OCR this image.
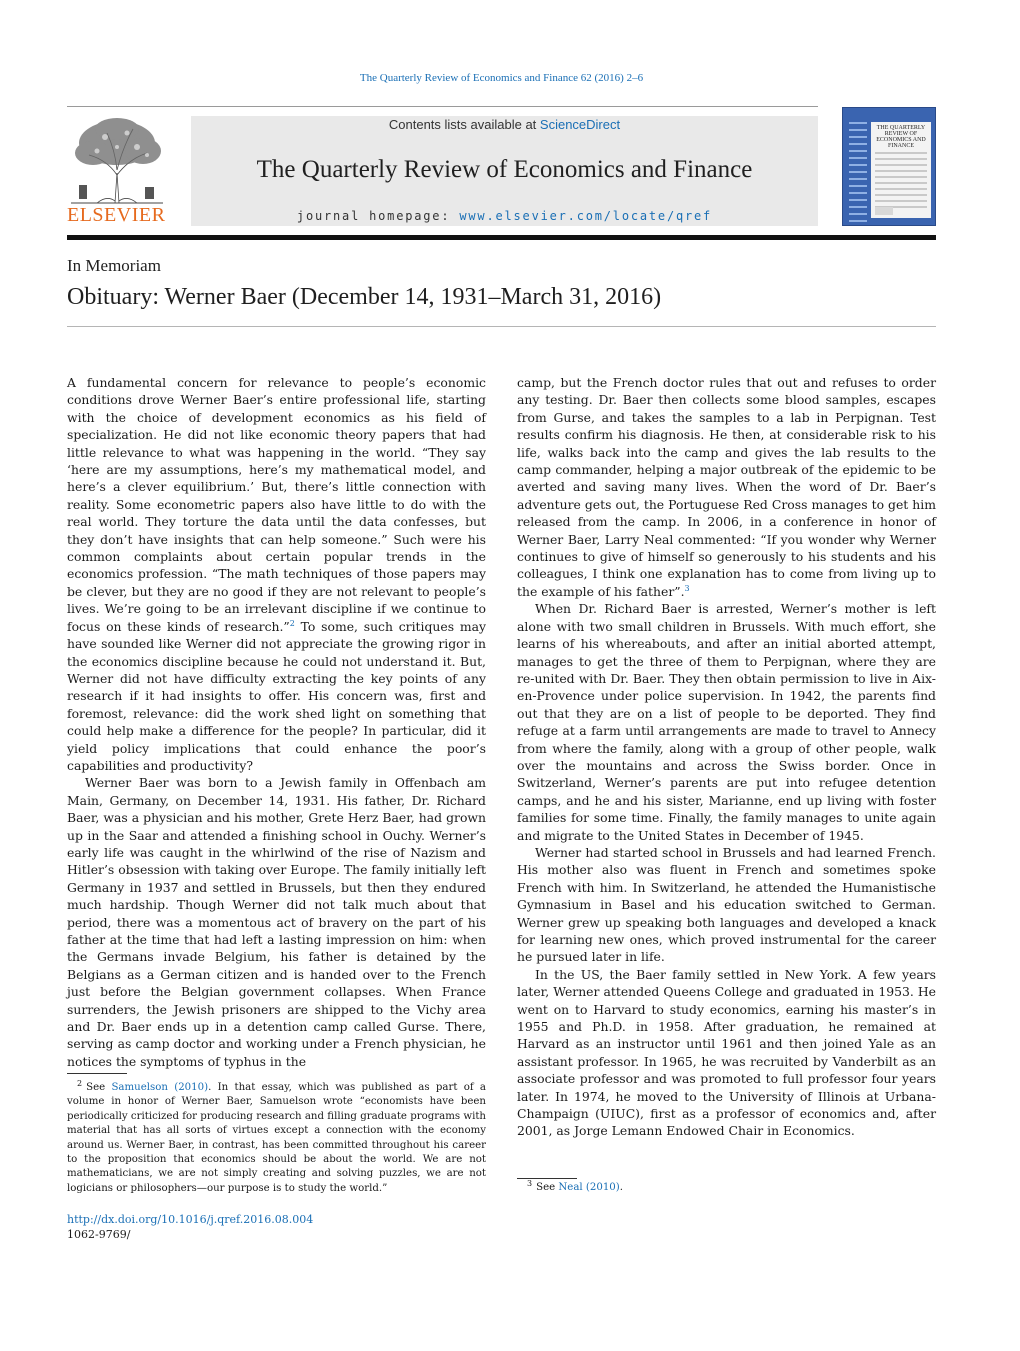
The Quarterly Review of Economics and Finance 62 (2016) 2–6
ELSEVIER
Contents lists available at ScienceDirect
The Quarterly Review of Economics and Finance
journal homepage: www.elsevier.com/locate/qref
THE QUARTERLY REVIEW OF ECONOMICS AND FINANCE
In Memoriam
Obituary: Werner Baer (December 14, 1931–March 31, 2016)

A fundamental concern for relevance to people’s economic conditions drove Werner Baer’s entire professional life, starting with the choice of development economics as his field of specialization. He did not like economic theory papers that had little relevance to what was happening in the world. “They say ‘here are my assumptions, here’s my mathematical model, and here’s a clever equilibrium.’ But, there’s little connection with reality. Some econometric papers also have little to do with the real world. They torture the data until the data confesses, but they don’t have insights that can help someone.” Such were his common complaints about certain popular trends in the economics profession. “The math techniques of those papers may be clever, but they are no good if they are not relevant to people’s lives. We’re going to be an irrelevant discipline if we continue to focus on these kinds of research.”$^2$ To some, such critiques may have sounded like Werner did not appreciate the growing rigor in the economics discipline because he could not understand it. But, Werner did not have difficulty extracting the key points of any research if it had insights to offer. His concern was, first and foremost, relevance: did the work shed light on something that could help make a difference for the people? In particular, did it yield policy implications that could enhance the poor’s capabilities and productivity?

Werner Baer was born to a Jewish family in Offenbach am Main, Germany, on December 14, 1931. His father, Dr. Richard Baer, was a physician and his mother, Grete Herz Baer, had grown up in the Saar and attended a finishing school in Ouchy. Werner’s early life was caught in the whirlwind of the rise of Nazism and Hitler’s obsession with taking over Europe. The family initially left Germany in 1937 and settled in Brussels, but then they endured much hardship. Though Werner did not talk much about that period, there was a momentous act of bravery on the part of his father at the time that had left a lasting impression on him: when the Germans invade Belgium, his father is detained by the Belgians as a German citizen and is handed over to the French just before the Belgian government collapses. When France surrenders, the Jewish prisoners are shipped to the Vichy area and Dr. Baer ends up in a detention camp called Gurse. There, serving as camp doctor and working under a French physician, he notices the symptoms of typhus in the

camp, but the French doctor rules that out and refuses to order any testing. Dr. Baer then collects some blood samples, escapes from Gurse, and takes the samples to a lab in Perpignan. Test results confirm his diagnosis. He then, at considerable risk to his life, walks back into the camp and gives the lab results to the camp commander, helping a major outbreak of the epidemic to be averted and saving many lives. When the word of Dr. Baer’s adventure gets out, the Portuguese Red Cross manages to get him released from the camp. In 2006, in a conference in honor of Werner Baer, Larry Neal commented: “If you wonder why Werner continues to give of himself so generously to his students and his colleagues, I think one explanation has to come from living up to the example of his father”.$^3$

When Dr. Richard Baer is arrested, Werner’s mother is left alone with two small children in Brussels. With much effort, she learns of his whereabouts, and after an initial aborted attempt, manages to get the three of them to Perpignan, where they are re-united with Dr. Baer. They then obtain permission to live in Aix-en-Provence under police supervision. In 1942, the parents find out that they are on a list of people to be deported. They find refuge at a farm until arrangements are made to travel to Annecy from where the family, along with a group of other people, walk over the mountains and across the Swiss border. Once in Switzerland, Werner’s parents are put into refugee detention camps, and he and his sister, Marianne, end up living with foster families for some time. Finally, the family manages to unite again and migrate to the United States in December of 1945.

Werner had started school in Brussels and had learned French. His mother also was fluent in French and sometimes spoke French with him. In Switzerland, he attended the Humanistische Gymnasium in Basel and his education switched to German. Werner grew up speaking both languages and developed a knack for learning new ones, which proved instrumental for the career he pursued later in life.

In the US, the Baer family settled in New York. A few years later, Werner attended Queens College and graduated in 1953. He went on to Harvard to study economics, earning his master’s in 1955 and Ph.D. in 1958. After graduation, he remained at Harvard as an instructor until 1961 and then joined Yale as an assistant professor. In 1965, he was recruited by Vanderbilt as an associate professor and was promoted to full professor four years later. In 1974, he moved to the University of Illinois at Urbana-Champaign (UIUC), first as a professor of economics and, after 2001, as Jorge Lemann Endowed Chair in Economics.

$^2$ See Samuelson (2010). In that essay, which was published as part of a volume in honor of Werner Baer, Samuelson wrote “economists have been periodically criticized for producing research and filling graduate programs with material that has all sorts of virtues except a connection with the economy around us. Werner Baer, in contrast, has been committed throughout his career to the proposition that economics should be about the world. We are not mathematicians, we are not simply creating and solving puzzles, we are not logicians or philosophers—our purpose is to study the world.”	$^3$ See Neal (2010).
http://dx.doi.org/10.1016/j.qref.2016.08.004
1062-9769/
